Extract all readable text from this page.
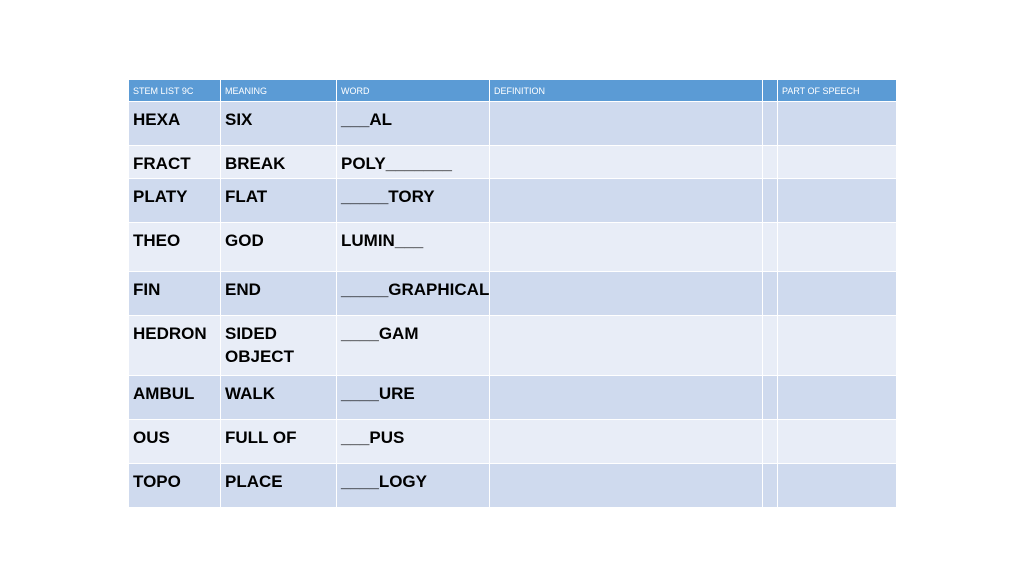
STEM LIST 9C	MEANING	WORD	DEFINITION		PART OF SPEECH
HEXA	SIX	___AL			
FRACT	BREAK	POLY_______			
PLATY	FLAT	_____TORY			
THEO	GOD	LUMIN___			
FIN	END	_____GRAPHICAL			
HEDRON	SIDED OBJECT	____GAM			
AMBUL	WALK	____URE			
OUS	FULL OF	___PUS			
TOPO	PLACE	____LOGY			
